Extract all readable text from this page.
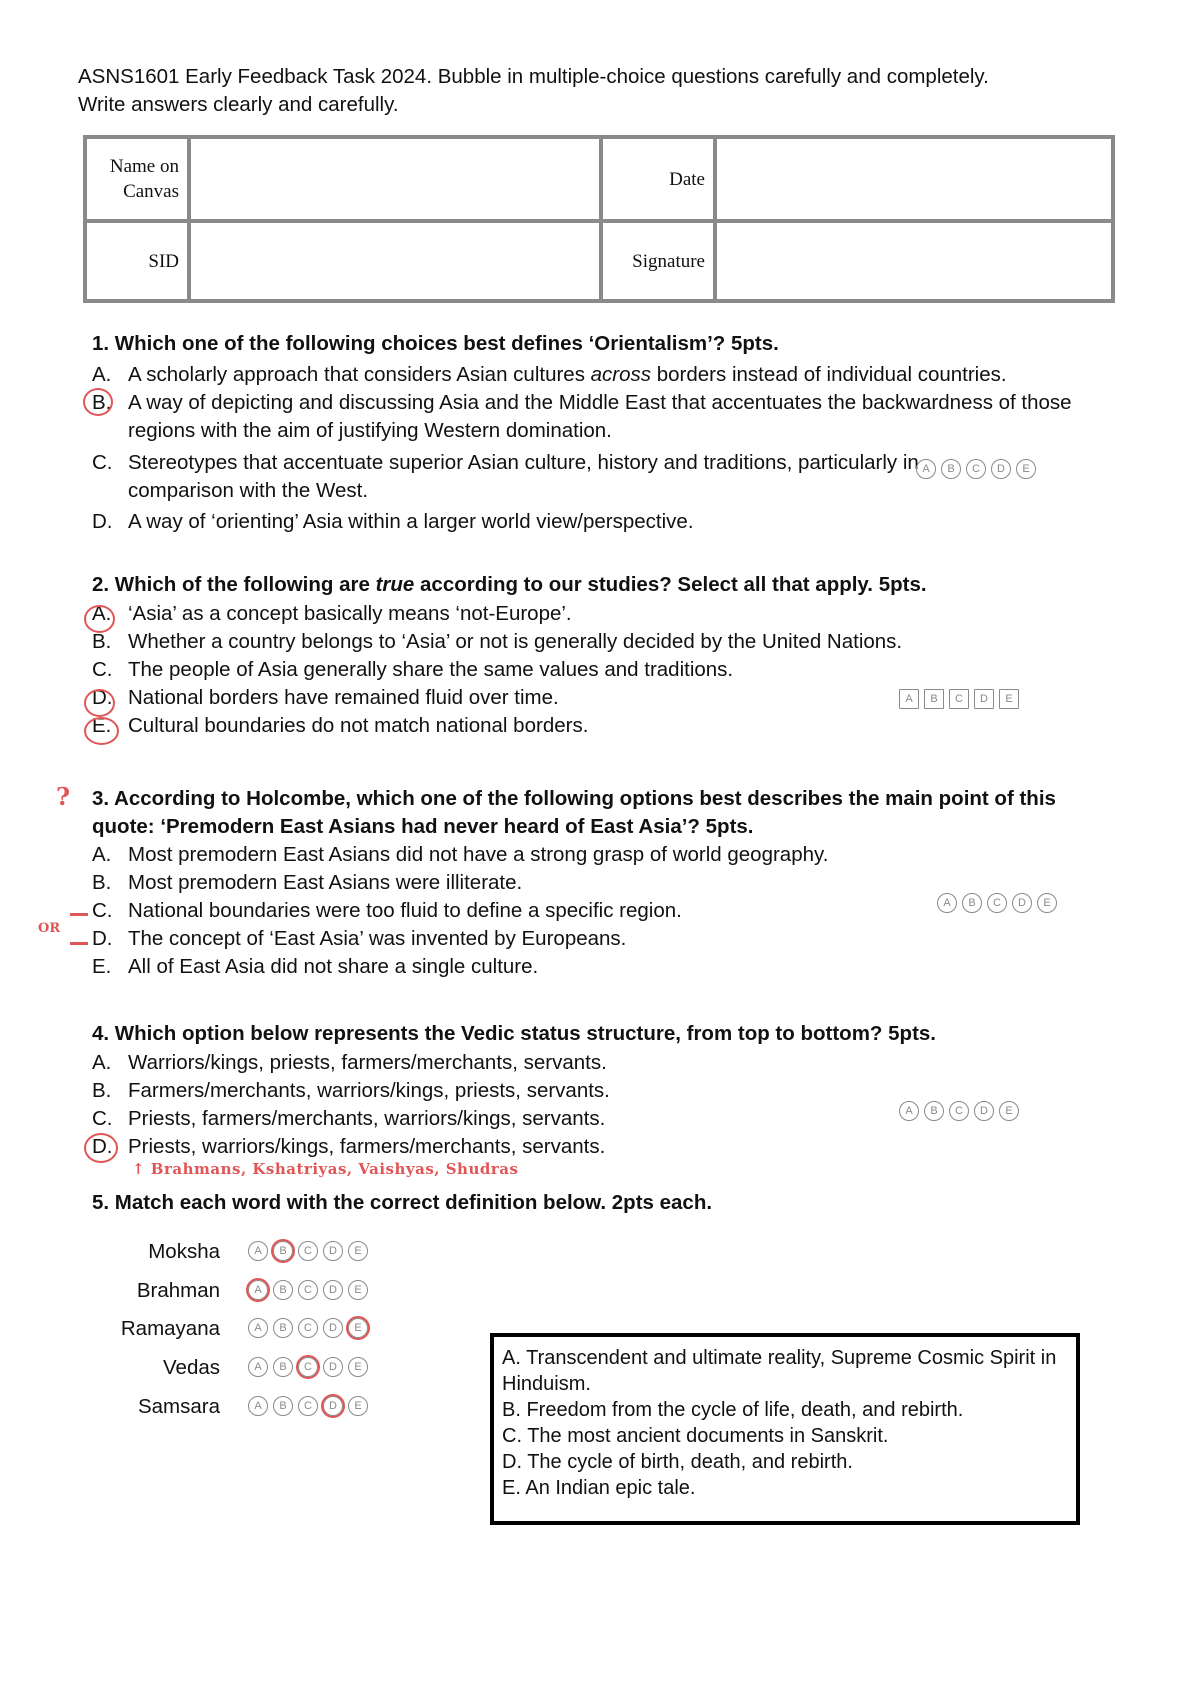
ASNS1601 Early Feedback Task 2024. Bubble in multiple-choice questions carefully and completely.
Write answers clearly and carefully.
Name on
Canvas		Date	
SID		Signature	
1. Which one of the following choices best defines ‘Orientalism’? 5pts.
A. A scholarly approach that considers Asian cultures across borders instead of individual countries.
B. A way of depicting and discussing Asia and the Middle East that accentuates the backwardness of those regions with the aim of justifying Western domination.
C. Stereotypes that accentuate superior Asian culture, history and traditions, particularly in comparison with the West.
D. A way of ‘orienting’ Asia within a larger world view/perspective.
A	B	C	D	E
2. Which of the following are true according to our studies? Select all that apply. 5pts.
A. ‘Asia’ as a concept basically means ‘not-Europe’.
B. Whether a country belongs to ‘Asia’ or not is generally decided by the United Nations.
C. The people of Asia generally share the same values and traditions.
D. National borders have remained fluid over time.
E. Cultural boundaries do not match national borders.
A	B	C	D	E
3. According to Holcombe, which one of the following options best describes the main point of this quote: ‘Premodern East Asians had never heard of East Asia’? 5pts.
A. Most premodern East Asians did not have a strong grasp of world geography.
B. Most premodern East Asians were illiterate.
C. National boundaries were too fluid to define a specific region.
D. The concept of ‘East Asia’ was invented by Europeans.
E. All of East Asia did not share a single culture.
?
OR
A	B	C	D	E
4. Which option below represents the Vedic status structure, from top to bottom? 5pts.
A. Warriors/kings, priests, farmers/merchants, servants.
B. Farmers/merchants, warriors/kings, priests, servants.
C. Priests, farmers/merchants, warriors/kings, servants.
D. Priests, warriors/kings, farmers/merchants, servants.
↑ Brahmans, Kshatriyas, Vaishyas, Shudras
A	B	C	D	E
5. Match each word with the correct definition below. 2pts each.
Moksha	A	B	C	D	E
Brahman	A	B	C	D	E
Ramayana	A	B	C	D	E
Vedas	A	B	C	D	E
Samsara	A	B	C	D	E
A. Transcendent and ultimate reality, Supreme Cosmic Spirit in Hinduism.
B. Freedom from the cycle of life, death, and rebirth.
C. The most ancient documents in Sanskrit.
D. The cycle of birth, death, and rebirth.
E. An Indian epic tale.
